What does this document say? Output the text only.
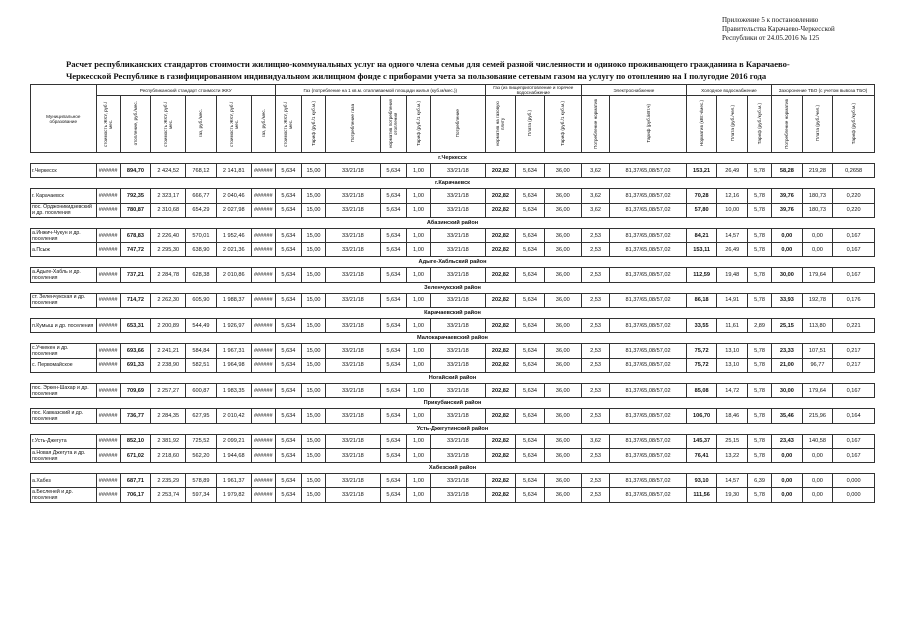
Приложение 5 к постановлению
Правительства Карачаево-Черкесской
Республики от 24.05.2016 № 125
Расчет республиканских стандартов стоимости жилищно-коммунальных услуг на одного члена семьи для семей разной численности и одиноко проживающего гражданина в Карачаево-
Черкесской Республике в газифицированном индивидуальном жилищном фонде с приборами учета за пользование сетевым газом на услугу по отоплению на I полугодие 2016 года
Муниципальное образование	Республиканский стандарт стоимости ЖКУ						Газ (потребление на 1 кв.м. отапливаемой площади жилья (куб.м/мес.))						Газ (из пищеприготовление и горячее водоснабжение			Электроснабжение		Холодное водоснабжение			Захоронение ТБО (с учетом вывоза ТБО)		
	стоимость ЖКУ, руб./мес.	отопление, руб./мес.	стоимость ЖКУ, руб./мес.	газ, руб./мес.	стоимость ЖКУ, руб./мес.	газ, руб./мес.	стоимость ЖКУ, руб./мес.	Тариф (руб./1 куб.м.)	Потребление газа	норматив потребления отопления	Тариф (руб./1 куб.м.)	Потребление	норматив на газовую плиту	Плата (руб.)	Тариф (руб./1 куб.м.)	Потребление норматив	Тариф (руб./кВт.ч)	Норматив (кВт.ч/мес.)	Плата (руб./чел.)	Тариф (руб./куб.м.)	Потребление норматив	Плата (руб./чел.)	Тариф (руб./куб.м.)
г.Черкесск																							
г.Черкесск	######	894,70	2 424,52	768,12	2 141,81	######	5,634	15,00	33/21/18	5,634	1,00	33/21/18	202,82	5,634	36,00	3,62	81,37/65,08/57,02	153,21	26,49	5,78	58,28	219,28	0,2658
г.Карачаевск																							
г. Карачаевск	######	792,35	2 323,17	666,77	2 040,46	######	5,634	15,00	33/21/18	5,634	1,00	33/21/18	202,82	5,634	36,00	3,62	81,37/65,08/57,02	70,28	12,16	5,78	39,76	180,73	0,220
пос. Орджоникидзевский и др. поселения	######	780,87	2 310,68	654,29	2 027,98	######	5,634	15,00	33/21/18	5,634	1,00	33/21/18	202,82	5,634	36,00	3,62	81,37/65,08/57,02	57,80	10,00	5,78	39,76	180,73	0,220
Абазинский район																							
а.Инжич-Чукун и др. поселения	######	678,83	2 226,40	570,01	1 952,46	######	5,634	15,00	33/21/18	5,634	1,00	33/21/18	202,82	5,634	36,00	2,53	81,37/65,08/57,02	84,21	14,57	5,78	0,00	0,00	0,167
а.Псыж	######	747,72	2 295,30	638,90	2 021,36	######	5,634	15,00	33/21/18	5,634	1,00	33/21/18	202,82	5,634	36,00	2,53	81,37/65,08/57,02	153,11	26,49	5,78	0,00	0,00	0,167
Адыге-Хабльский район																							
а.Адыге-Хабль и др. поселения	######	737,21	2 284,78	628,38	2 010,86	######	5,634	15,00	33/21/18	5,634	1,00	33/21/18	202,82	5,634	36,00	2,53	81,37/65,08/57,02	112,59	19,48	5,78	30,00	179,64	0,167
Зеленчукский район																							
ст. Зеленчукская и др. поселения	######	714,72	2 262,30	605,90	1 988,37	######	5,634	15,00	33/21/18	5,634	1,00	33/21/18	202,82	5,634	36,00	2,53	81,37/65,08/57,02	86,18	14,91	5,78	33,93	192,78	0,176
Карачаевский район																							
п.Кумыш и др. поселения	######	653,31	2 200,89	544,49	1 926,97	######	5,634	15,00	33/21/18	5,634	1,00	33/21/18	202,82	5,634	36,00	2,53	81,37/65,08/57,02	33,55	11,61	2,89	25,15	113,80	0,221
Малокарачаевский район																							
с.Учкекен и др. поселения	######	693,66	2 241,21	584,84	1 967,31	######	5,634	15,00	33/21/18	5,634	1,00	33/21/18	202,82	5,634	36,00	2,53	81,37/65,08/57,02	75,72	13,10	5,78	23,33	107,51	0,217
с. Первомайское	######	691,33	2 238,90	582,51	1 964,98	######	5,634	15,00	33/21/18	5,634	1,00	33/21/18	202,82	5,634	36,00	2,53	81,37/65,08/57,02	75,72	13,10	5,78	21,00	96,77	0,217
Ногайский район																							
пос. Эркен-Шахар и др. поселения	######	709,69	2 257,27	600,87	1 983,35	######	5,634	15,00	33/21/18	5,634	1,00	33/21/18	202,82	5,634	36,00	2,53	81,37/65,08/57,02	85,08	14,72	5,78	30,00	179,64	0,167
Прикубанский район																							
пос. Кавказский и др. поселения	######	736,77	2 284,35	627,95	2 010,42	######	5,634	15,00	33/21/18	5,634	1,00	33/21/18	202,82	5,634	36,00	2,53	81,37/65,08/57,02	106,70	18,46	5,78	35,46	215,96	0,164
Усть-Джегутинский район																							
г.Усть-Джегута	######	852,10	2 381,92	725,52	2 099,21	######	5,634	15,00	33/21/18	5,634	1,00	33/21/18	202,82	5,634	36,00	3,62	81,37/65,08/57,02	145,37	25,15	5,78	23,43	140,58	0,167
а.Новая Джегута и др. поселения	######	671,02	2 218,60	562,20	1 944,68	######	5,634	15,00	33/21/18	5,634	1,00	33/21/18	202,82	5,634	36,00	2,53	81,37/65,08/57,02	76,41	13,22	5,78	0,00	0,00	0,167
Хабезский район																							
а.Хабез	######	687,71	2 235,29	578,89	1 961,37	######	5,634	15,00	33/21/18	5,634	1,00	33/21/18	202,82	5,634	36,00	2,53	81,37/65,08/57,02	93,10	14,57	6,39	0,00	0,00	0,000
а.Бесленей и др. поселения	######	706,17	2 253,74	597,34	1 979,82	######	5,634	15,00	33/21/18	5,634	1,00	33/21/18	202,82	5,634	36,00	2,53	81,37/65,08/57,02	111,56	19,30	5,78	0,00	0,00	0,000
